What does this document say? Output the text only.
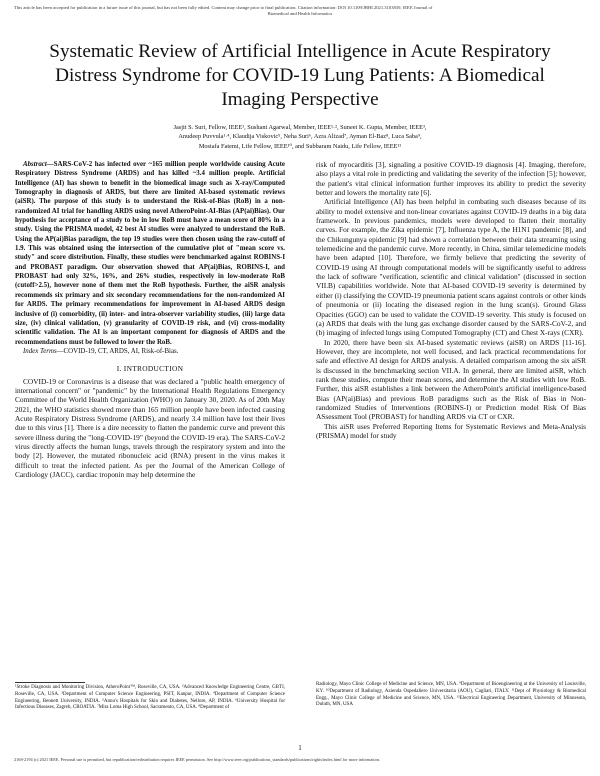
This article has been accepted for publication in a future issue of this journal, but has not been fully edited. Content may change prior to final publication. Citation information: DOI 10.1109/JBHI.2021.3103839, IEEE Journal of
Biomedical and Health Informatics
Systematic Review of Artificial Intelligence in Acute Respiratory Distress Syndrome for COVID-19 Lung Patients: A Biomedical Imaging Perspective
Jasjit S. Suri, Fellow, IEEE¹, Sushant Agarwal, Member, IEEE¹·², Suneet K. Gupta, Member, IEEE³,
Anudeep Puvvula¹·⁴, Klaudija Viskovic⁵, Neha Suri⁶, Azra Alizad⁷, Ayman El-Baz⁸, Luca Saba⁹,
Mostafa Fatemi, Life Fellow, IEEE¹⁰, and Subbaram Naidu, Life Fellow, IEEE¹¹

Abstract—SARS-CoV-2 has infected over ~165 million people worldwide causing Acute Respiratory Distress Syndrome (ARDS) and has killed ~3.4 million people. Artificial Intelligence (AI) has shown to benefit in the biomedical image such as X-ray/Computed Tomography in diagnosis of ARDS, but there are limited AI-based systematic reviews (aiSR). The purpose of this study is to understand the Risk-of-Bias (RoB) in a non-randomized AI trial for handling ARDS using novel AtheroPoint-AI-Bias (AP(ai)Bias). Our hypothesis for acceptance of a study to be in low RoB must have a mean score of 80% in a study. Using the PRISMA model, 42 best AI studies were analyzed to understand the RoB. Using the AP(ai)Bias paradigm, the top 19 studies were then chosen using the raw-cutoff of 1.9. This was obtained using the intersection of the cumulative plot of "mean score vs. study" and score distribution. Finally, these studies were benchmarked against ROBINS-I and PROBAST paradigm. Our observation showed that AP(ai)Bias, ROBINS-I, and PROBAST had only 32%, 16%, and 26% studies, respectively in low-moderate RoB (cutoff>2.5), however none of them met the RoB hypothesis. Further, the aiSR analysis recommends six primary and six secondary recommendations for the non-randomized AI for ARDS. The primary recommendations for improvement in AI-based ARDS design inclusive of (i) comorbidity, (ii) inter- and intra-observer variability studies, (iii) large data size, (iv) clinical validation, (v) granularity of COVID-19 risk, and (vi) cross-modality scientific validation. The AI is an important component for diagnosis of ARDS and the recommendations must be followed to lower the RoB.

Index Terms—COVID-19, CT, ARDS, AI, Risk-of-Bias.

I. INTRODUCTION

COVID-19 or Coronavirus is a disease that was declared a "public health emergency of international concern" or "pandemic" by the International Health Regulations Emergency Committee of the World Health Organization (WHO) on January 30, 2020. As of 20th May 2021, the WHO statistics showed more than 165 million people have been infected causing Acute Respiratory Distress Syndrome (ARDS), and nearly 3.4 million have lost their lives due to this virus [1]. There is a dire necessity to flatten the pandemic curve and prevent this severe illness during the "long-COVID-19" (beyond the COVID-19 era). The SARS-CoV-2 virus directly affects the human lungs, travels through the respiratory system and into the body [2]. However, the mutated ribonucleic acid (RNA) present in the virus makes it difficult to treat the infected patient. As per the Journal of the American College of Cardiology (JACC), cardiac troponin may help determine the

risk of myocarditis [3], signaling a positive COVID-19 diagnosis [4]. Imaging, therefore, also plays a vital role in predicting and validating the severity of the infection [5]; however, the patient's vital clinical information further improves its ability to predict the severity better and lowers the mortality rate [6].

Artificial Intelligence (AI) has been helpful in combating such diseases because of its ability to model extensive and non-linear covariates against COVID-19 deaths in a big data framework. In previous pandemics, models were developed to flatten their mortality curves. For example, the Zika epidemic [7], Influenza type A, the H1N1 pandemic [8], and the Chikungunya epidemic [9] had shown a correlation between their data streaming using telemedicine and the pandemic curve. More recently, in China, similar telemedicine models have been adapted [10]. Therefore, we firmly believe that predicting the severity of COVID-19 using AI through computational models will be significantly useful to address the lack of software "verification, scientific and clinical validation" (discussed in section VII.B) capabilities worldwide. Note that AI-based COVID-19 severity is determined by either (i) classifying the COVID-19 pneumonia patient scans against controls or other kinds of pneumonia or (ii) locating the diseased region in the lung scan(s). Ground Glass Opacities (GGO) can be used to validate the COVID-19 severity. This study is focused on (a) ARDS that deals with the lung gas exchange disorder caused by the SARS-CoV-2, and (b) imaging of infected lungs using Computed Tomography (CT) and Chest X-rays (CXR).

In 2020, there have been six AI-based systematic reviews (aiSR) on ARDS [11-16]. However, they are incomplete, not well focused, and lack practical recommendations for safe and effective AI design for ARDS analysis. A detailed comparison among the six aiSR is discussed in the benchmarking section VII.A. In general, there are limited aiSR, which rank these studies, compute their mean scores, and determine the AI studies with low RoB. Further, this aiSR establishes a link between the AtheroPoint's artificial intelligence-based Bias (AP(ai)Bias) and previous RoB paradigms such as the Risk of Bias in Non-randomized Studies of Interventions (ROBINS-I) or Prediction model Risk Of Bias ASsessment Tool (PROBAST) for handling ARDS via CT or CXR.

This aiSR uses Preferred Reporting Items for Systematic Reviews and Meta-Analysis (PRISMA) model for study

¹Stroke Diagnosis and Monitoring Division, AtheroPoint™, Roseville, CA, USA. ²Advanced Knowledge Engineering Centre, GBTI, Roseville, CA, USA. ³Department of Computer Science Engineering, PSIT, Kanpur, INDIA. ⁴Department of Computer Science Engineering, Bennett University, INDIA. ⁵Annu's Hospitals for Skin and Diabetes, Nellore, AP, INDIA. ⁶University Hospital for Infectious Diseases, Zagreb, CROATIA. ⁷Mira Loma High School, Sacramento, CA, USA. ⁸Department of
Radiology, Mayo Clinic College of Medicine and Science, MN, USA. ⁹Department of Bioengineering at the University of Louisville, KY. ¹⁰Department of Radiology, Azienda Ospedaliero Universitaria (AOU), Cagliari, ITALY. ¹¹Dept of Physiology & Biomedical Engg., Mayo Clinic College of Medicine and Science, MN, USA. ¹²Electrical Engineering Department, University of Minnesota, Duluth, MN, USA
1
2168-2194 (c) 2021 IEEE. Personal use is permitted, but republication/redistribution requires IEEE permission. See http://www.ieee.org/publications_standards/publications/rights/index.html for more information.
